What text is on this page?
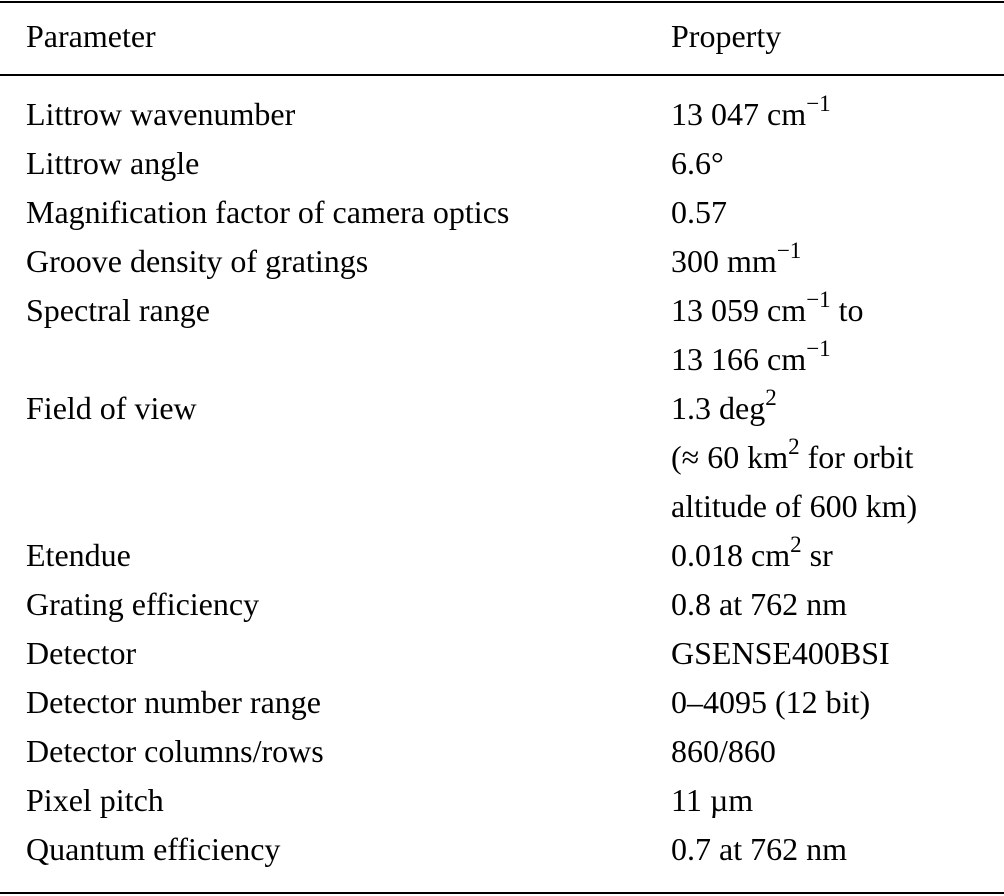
Parameter	Property
Littrow wavenumber	13 047 $cm^{-1}$
Littrow angle	6.6°
Magnification factor of camera optics	0.57
Groove density of gratings	300 $mm^{-1}$
Spectral range	13 059 $cm^{-1}$ to
13 166 $cm^{-1}$
Field of view	1.3 deg$^2$
(≈ 60 $km^2$ for orbit
altitude of 600 km)
Etendue	0.018 $cm^2$ sr
Grating efficiency	0.8 at 762 nm
Detector	GSENSE400BSI
Detector number range	0–4095 (12 bit)
Detector columns/rows	860/860
Pixel pitch	11 µm
Quantum efficiency	0.7 at 762 nm
